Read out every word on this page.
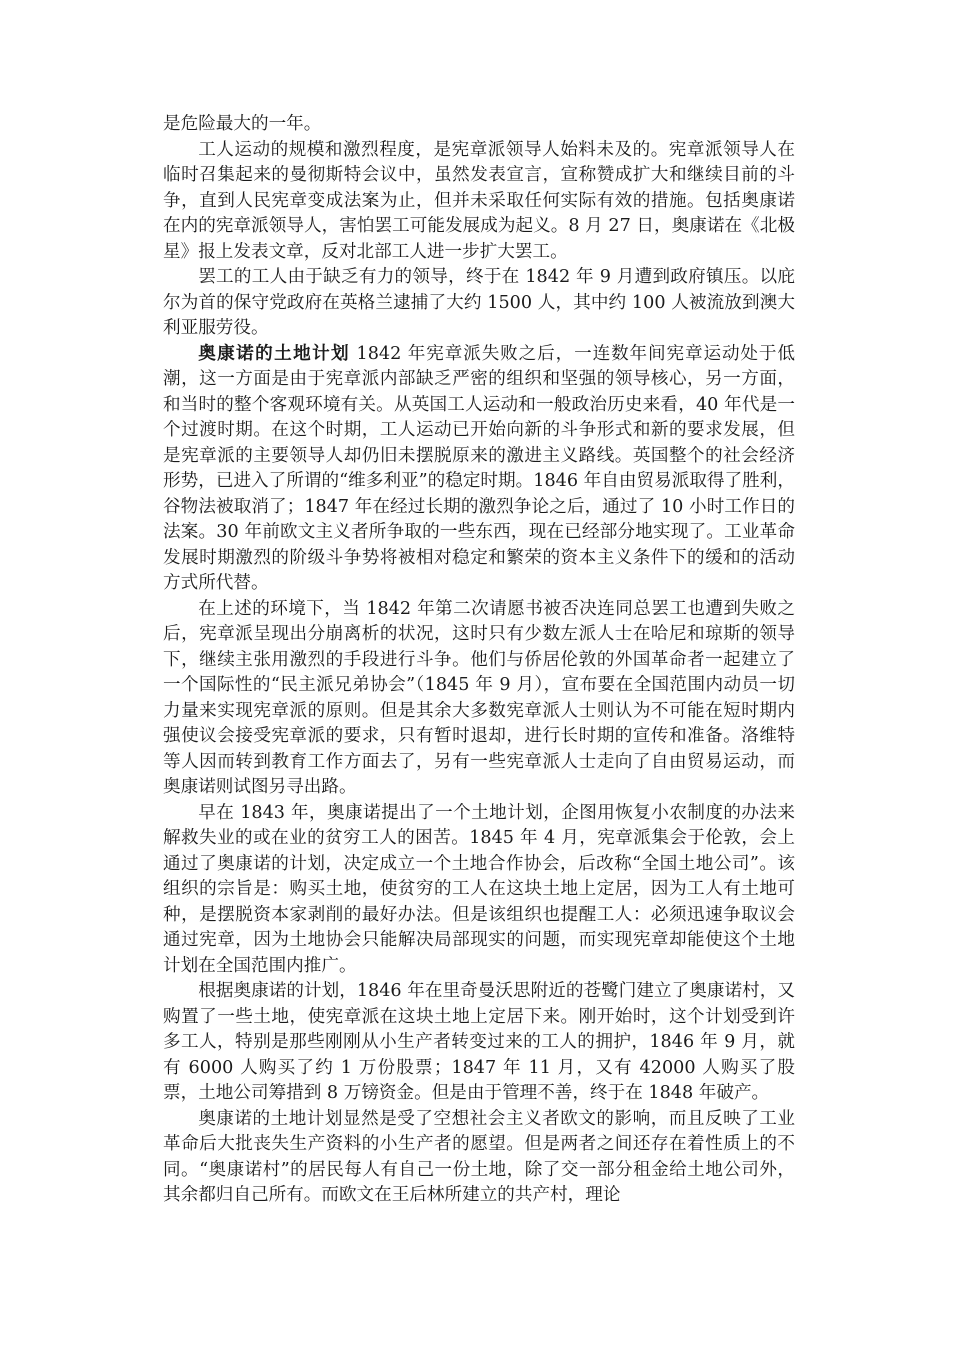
是危险最大的一年。

工人运动的规模和激烈程度，是宪章派领导人始料未及的。宪章派领导人在临时召集起来的曼彻斯特会议中，虽然发表宣言，宣称赞成扩大和继续目前的斗争，直到人民宪章变成法案为止，但并未采取任何实际有效的措施。包括奥康诺在内的宪章派领导人，害怕罢工可能发展成为起义。8 月 27 日，奥康诺在《北极星》报上发表文章，反对北部工人进一步扩大罢工。

罢工的工人由于缺乏有力的领导，终于在 1842 年 9 月遭到政府镇压。以庇尔为首的保守党政府在英格兰逮捕了大约 1500 人，其中约 100 人被流放到澳大利亚服劳役。

奥康诺的土地计划 1842 年宪章派失败之后，一连数年间宪章运动处于低潮，这一方面是由于宪章派内部缺乏严密的组织和坚强的领导核心，另一方面，和当时的整个客观环境有关。从英国工人运动和一般政治历史来看，40 年代是一个过渡时期。在这个时期，工人运动已开始向新的斗争形式和新的要求发展，但是宪章派的主要领导人却仍旧未摆脱原来的激进主义路线。英国整个的社会经济形势，已进入了所谓的“维多利亚”的稳定时期。1846 年自由贸易派取得了胜利，谷物法被取消了；1847 年在经过长期的激烈争论之后，通过了 10 小时工作日的法案。30 年前欧文主义者所争取的一些东西，现在已经部分地实现了。工业革命发展时期激烈的阶级斗争势将被相对稳定和繁荣的资本主义条件下的缓和的活动方式所代替。

在上述的环境下，当 1842 年第二次请愿书被否决连同总罢工也遭到失败之后，宪章派呈现出分崩离析的状况，这时只有少数左派人士在哈尼和琼斯的领导下，继续主张用激烈的手段进行斗争。他们与侨居伦敦的外国革命者一起建立了一个国际性的“民主派兄弟协会”（1845 年 9 月），宣布要在全国范围内动员一切力量来实现宪章派的原则。但是其余大多数宪章派人士则认为不可能在短时期内强使议会接受宪章派的要求，只有暂时退却，进行长时期的宣传和准备。洛维特等人因而转到教育工作方面去了，另有一些宪章派人士走向了自由贸易运动，而奥康诺则试图另寻出路。

早在 1843 年，奥康诺提出了一个土地计划，企图用恢复小农制度的办法来解救失业的或在业的贫穷工人的困苦。1845 年 4 月，宪章派集会于伦敦，会上通过了奥康诺的计划，决定成立一个土地合作协会，后改称“全国土地公司”。该组织的宗旨是：购买土地，使贫穷的工人在这块土地上定居，因为工人有土地可种，是摆脱资本家剥削的最好办法。但是该组织也提醒工人：必须迅速争取议会通过宪章，因为土地协会只能解决局部现实的问题，而实现宪章却能使这个土地计划在全国范围内推广。

根据奥康诺的计划，1846 年在里奇曼沃思附近的苍鹭门建立了奥康诺村，又购置了一些土地，使宪章派在这块土地上定居下来。刚开始时，这个计划受到许多工人，特别是那些刚刚从小生产者转变过来的工人的拥护，1846 年 9 月，就有 6000 人购买了约 1 万份股票；1847 年 11 月，又有 42000 人购买了股票，土地公司筹措到 8 万镑资金。但是由于管理不善，终于在 1848 年破产。

奥康诺的土地计划显然是受了空想社会主义者欧文的影响，而且反映了工业革命后大批丧失生产资料的小生产者的愿望。但是两者之间还存在着性质上的不同。“奥康诺村”的居民每人有自己一份土地，除了交一部分租金给土地公司外，其余都归自己所有。而欧文在王后林所建立的共产村，理论
